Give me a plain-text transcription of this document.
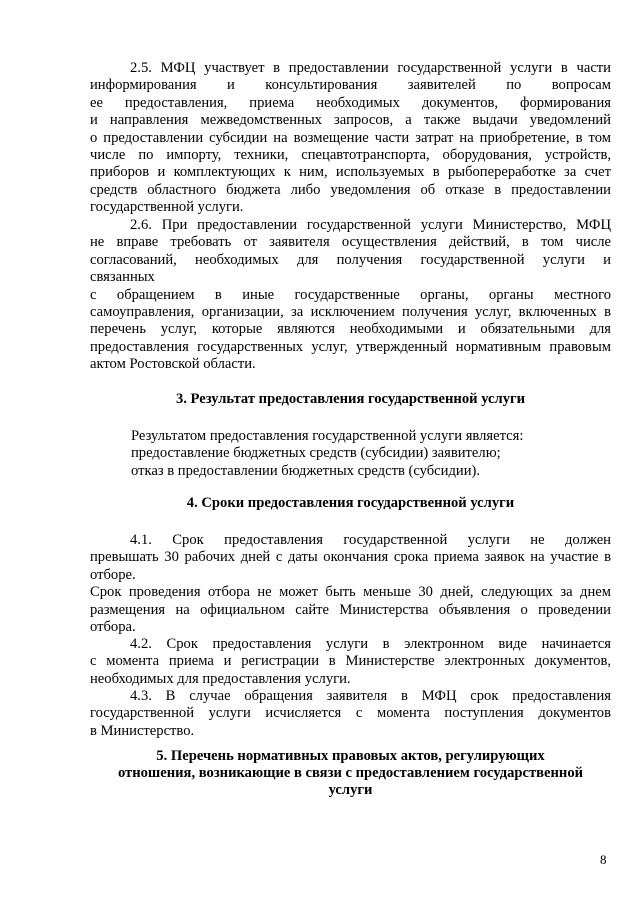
2.5. МФЦ участвует в предоставлении государственной услуги в части

информирования и консультирования заявителей по вопросам

ее предоставления, приема необходимых документов, формирования

и направления межведомственных запросов, а также выдачи уведомлений

о предоставлении субсидии на возмещение части затрат на приобретение, в том

числе по импорту, техники, спецавтотранспорта, оборудования, устройств,

приборов и комплектующих к ним, используемых в рыбопереработке за счет

средств областного бюджета либо уведомления об отказе в предоставлении

государственной услуги.

2.6. При предоставлении государственной услуги Министерство, МФЦ

не вправе требовать от заявителя осуществления действий, в том числе

согласований, необходимых для получения государственной услуги и

связанных

с обращением в иные государственные органы, органы местного

самоуправления, организации, за исключением получения услуг, включенных в

перечень услуг, которые являются необходимыми и обязательными для

предоставления государственных услуг, утвержденный нормативным правовым

актом Ростовской области.

3. Результат предоставления государственной услуги

Результатом предоставления государственной услуги является:

предоставление бюджетных средств (субсидии) заявителю;

отказ в предоставлении бюджетных средств (субсидии).

4. Сроки предоставления государственной услуги

4.1. Срок предоставления государственной услуги не должен

превышать 30 рабочих дней с даты окончания срока приема заявок на участие в

отборе.

Срок проведения отбора не может быть меньше 30 дней, следующих за днем

размещения на официальном сайте Министерства объявления о проведении

отбора.

4.2. Срок предоставления услуги в электронном виде начинается

с момента приема и регистрации в Министерстве электронных документов,

необходимых для предоставления услуги.

4.3. В случае обращения заявителя в МФЦ срок предоставления

государственной услуги исчисляется с момента поступления документов

в Министерство.

5. Перечень нормативных правовых актов, регулирующих
отношения, возникающие в связи с предоставлением государственной
услуги
8
